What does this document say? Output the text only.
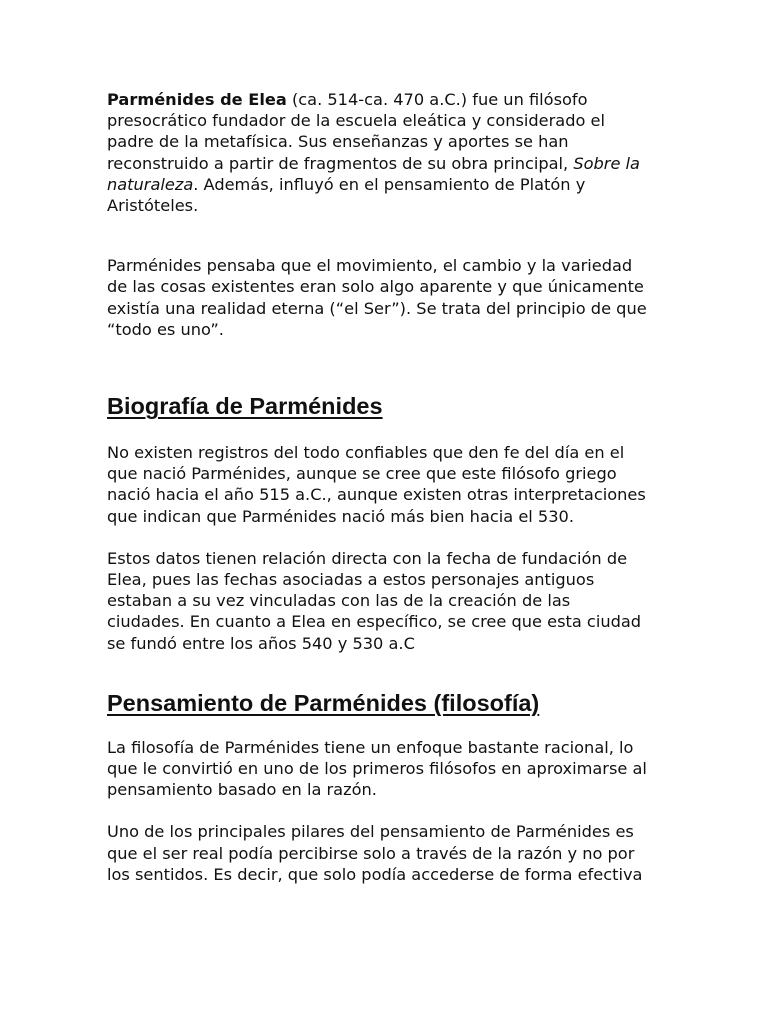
Parménides de Elea (ca. 514-ca. 470 a.C.) fue un filósofo presocrático fundador de la escuela eleática y considerado el padre de la metafísica. Sus enseñanzas y aportes se han reconstruido a partir de fragmentos de su obra principal, Sobre la naturaleza. Además, influyó en el pensamiento de Platón y Aristóteles.

Parménides pensaba que el movimiento, el cambio y la variedad de las cosas existentes eran solo algo aparente y que únicamente existía una realidad eterna (“el Ser”). Se trata del principio de que “todo es uno”.

Biografía de Parménides

No existen registros del todo confiables que den fe del día en el que nació Parménides, aunque se cree que este filósofo griego nació hacia el año 515 a.C., aunque existen otras interpretaciones que indican que Parménides nació más bien hacia el 530.

Estos datos tienen relación directa con la fecha de fundación de Elea, pues las fechas asociadas a estos personajes antiguos estaban a su vez vinculadas con las de la creación de las ciudades. En cuanto a Elea en específico, se cree que esta ciudad se fundó entre los años 540 y 530 a.C

Pensamiento de Parménides (filosofía)

La filosofía de Parménides tiene un enfoque bastante racional, lo que le convirtió en uno de los primeros filósofos en aproximarse al pensamiento basado en la razón.

Uno de los principales pilares del pensamiento de Parménides es que el ser real podía percibirse solo a través de la razón y no por los sentidos. Es decir, que solo podía accederse de forma efectiva
